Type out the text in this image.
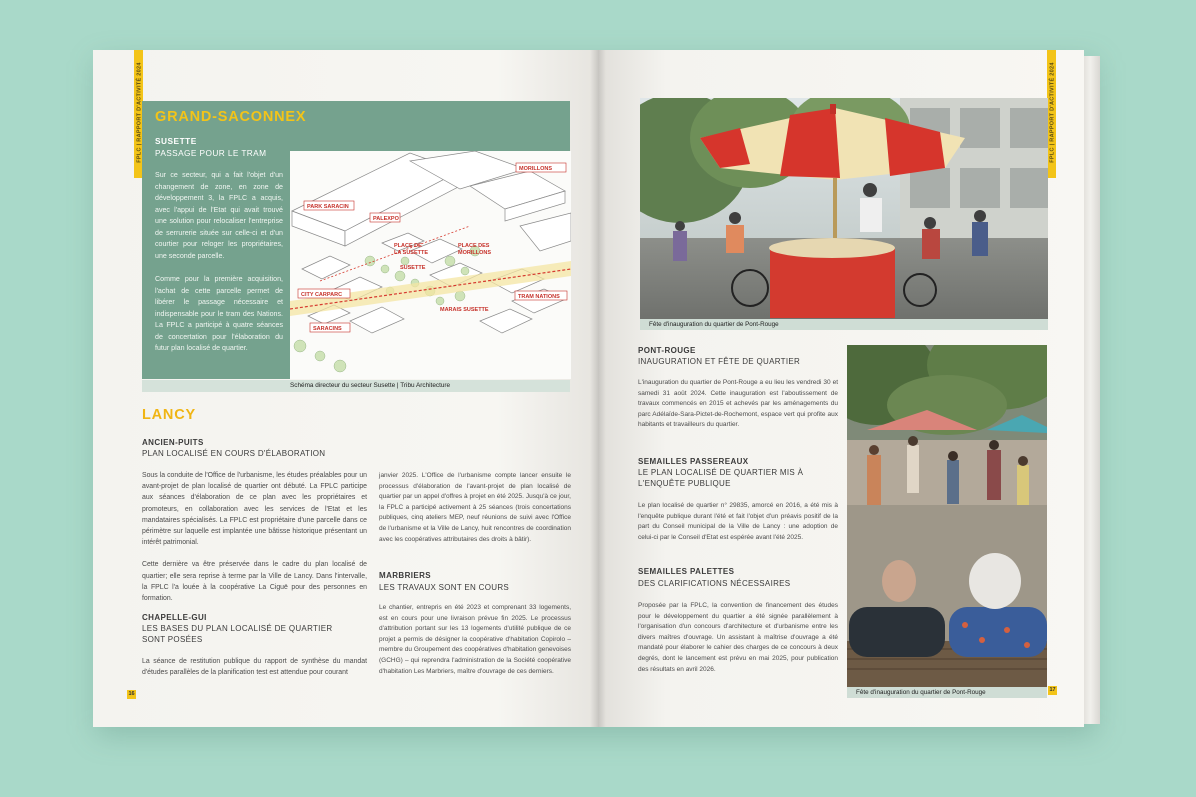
FPLC | RAPPORT D'ACTIVITÉ 2024	FPLC | RAPPORT D'ACTIVITÉ 2024
GRAND-SACONNEX
SUSETTE
PASSAGE POUR LE TRAM

Sur ce secteur, qui a fait l'objet d'un changement de zone, en zone de développement 3, la FPLC a acquis, avec l'appui de l'Etat qui avait trouvé une solution pour relocaliser l'entreprise de serrurerie située sur celle-ci et d'un courtier pour reloger les propriétaires, une seconde parcelle.

Comme pour la première acquisition, l'achat de cette parcelle permet de libérer le passage nécessaire et indispensable pour le tram des Nations. La FPLC a participé à quatre séances de concertation pour l'élaboration du futur plan localisé de quartier.

PARK SARACIN
PALEXPO
MORILLONS
PLACE DE
LA SUSETTE
PLACE DES
MORILLONS
SUSETTE
CITY CARPARC	TRAM NATIONS
MARAIS SUSETTE
SARACINS
Schéma directeur du secteur Susette | Tribu Architecture
LANCY
ANCIEN-PUITS
PLAN LOCALISÉ EN COURS D'ÉLABORATION

Sous la conduite de l'Office de l'urbanisme, les études préalables pour un avant-projet de plan localisé de quartier ont débuté. La FPLC participe aux séances d'élaboration de ce plan avec les propriétaires et promoteurs, en collaboration avec les services de l'Etat et les mandataires spécialisés. La FPLC est propriétaire d'une parcelle dans ce périmètre sur laquelle est implantée une bâtisse historique présentant un intérêt patrimonial.

Cette dernière va être préservée dans le cadre du plan localisé de quartier; elle sera reprise à terme par la Ville de Lancy. Dans l'intervalle, la FPLC l'a louée à la coopérative La Ciguë pour des personnes en formation.

CHAPELLE-GUI
LES BASES DU PLAN LOCALISÉ DE QUARTIER SONT POSÉES

La séance de restitution publique du rapport de synthèse du mandat d'études parallèles de la planification test est attendue pour courant

janvier 2025. L'Office de l'urbanisme compte lancer ensuite le processus d'élaboration de l'avant-projet de plan localisé de quartier par un appel d'offres à projet en été 2025. Jusqu'à ce jour, la FPLC a participé activement à 25 séances (trois concertations publiques, cinq ateliers MEP, neuf réunions de suivi avec l'Office de l'urbanisme et la Ville de Lancy, huit rencontres de coordination avec les coopératives attributaires des droits à bâtir).

MARBRIERS
LES TRAVAUX SONT EN COURS

Le chantier, entrepris en été 2023 et comprenant 33 logements, est en cours pour une livraison prévue fin 2025. Le processus d'attribution portant sur les 13 logements d'utilité publique de ce projet a permis de désigner la coopérative d'habitation Copirolo – membre du Groupement des coopératives d'habitation genevoises (GCHG) – qui reprendra l'administration de la Société coopérative d'habitation Les Marbriers, maître d'ouvrage de ces derniers.

16
Fête d'inauguration du quartier de Pont-Rouge
PONT-ROUGE
INAUGURATION ET FÊTE DE QUARTIER

L'inauguration du quartier de Pont-Rouge a eu lieu les vendredi 30 et samedi 31 août 2024. Cette inauguration est l'aboutissement de travaux commencés en 2015 et achevés par les aménagements du parc Adélaïde-Sara-Pictet-de-Rochemont, espace vert qui profite aux habitants et travailleurs du quartier.

SEMAILLES PASSEREAUX
LE PLAN LOCALISÉ DE QUARTIER MIS À L'ENQUÊTE PUBLIQUE

Le plan localisé de quartier n° 29835, amorcé en 2016, a été mis à l'enquête publique durant l'été et fait l'objet d'un préavis positif de la part du Conseil municipal de la Ville de Lancy : une adoption de celui-ci par le Conseil d'Etat est espérée avant l'été 2025.

SEMAILLES PALETTES
DES CLARIFICATIONS NÉCESSAIRES

Proposée par la FPLC, la convention de financement des études pour le développement du quartier a été signée parallèlement à l'organisation d'un concours d'architecture et d'urbanisme entre les divers maîtres d'ouvrage. Un assistant à maîtrise d'ouvrage a été mandaté pour élaborer le cahier des charges de ce concours à deux degrés, dont le lancement est prévu en mai 2025, pour publication des résultats en avril 2026.

Fête d'inauguration du quartier de Pont-Rouge	17
